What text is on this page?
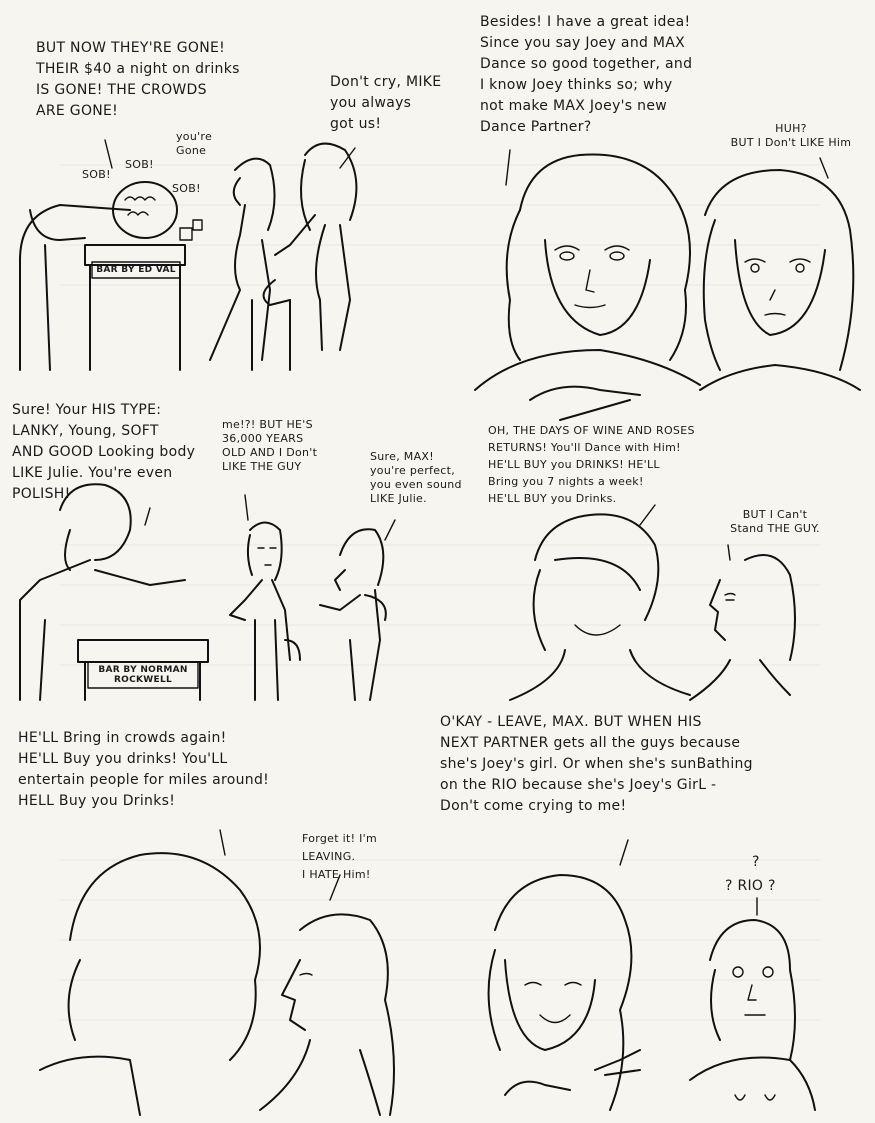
BUT NOW THEY'RE GONE!
THEIR $40 a night on drinks
IS GONE! THE CROWDS
ARE GONE!
Don't cry, MIKE
you always
got us!
you're
Gone
SOB!
SOB!
SOB!
BAR BY ED VAL
Besides! I have a great idea!
Since you say Joey and MAX
Dance so good together, and
I know Joey thinks so; why
not make MAX Joey's new
Dance Partner?	HUH?
BUT I Don't LIKE Him
Sure! Your HIS TYPE:
LANKY, Young, SOFT
AND GOOD Looking body
LIKE Julie. You're even
POLISH!
me!?! BUT HE'S
36,000 YEARS
OLD AND I Don't
LIKE THE GUY
Sure, MAX!
you're perfect,
you even sound
LIKE Julie.
BAR BY NORMAN
ROCKWELL
OH, THE DAYS OF WINE AND ROSES
RETURNS! You'll Dance with Him!
HE'LL BUY you DRINKS! HE'LL
Bring you 7 nights a week!
HE'LL BUY you Drinks.
BUT I Can't
Stand THE GUY.
HE'LL Bring in crowds again!
HE'LL Buy you drinks! You'LL
entertain people for miles around!
HELL Buy you Drinks!
Forget it! I'm
LEAVING.
I HATE Him!
O'KAY - LEAVE, MAX. BUT WHEN HIS
NEXT PARTNER gets all the guys because
she's Joey's girl. Or when she's sunBathing
on the RIO because she's Joey's GirL -
Don't come crying to me!
?
? RIO ?
